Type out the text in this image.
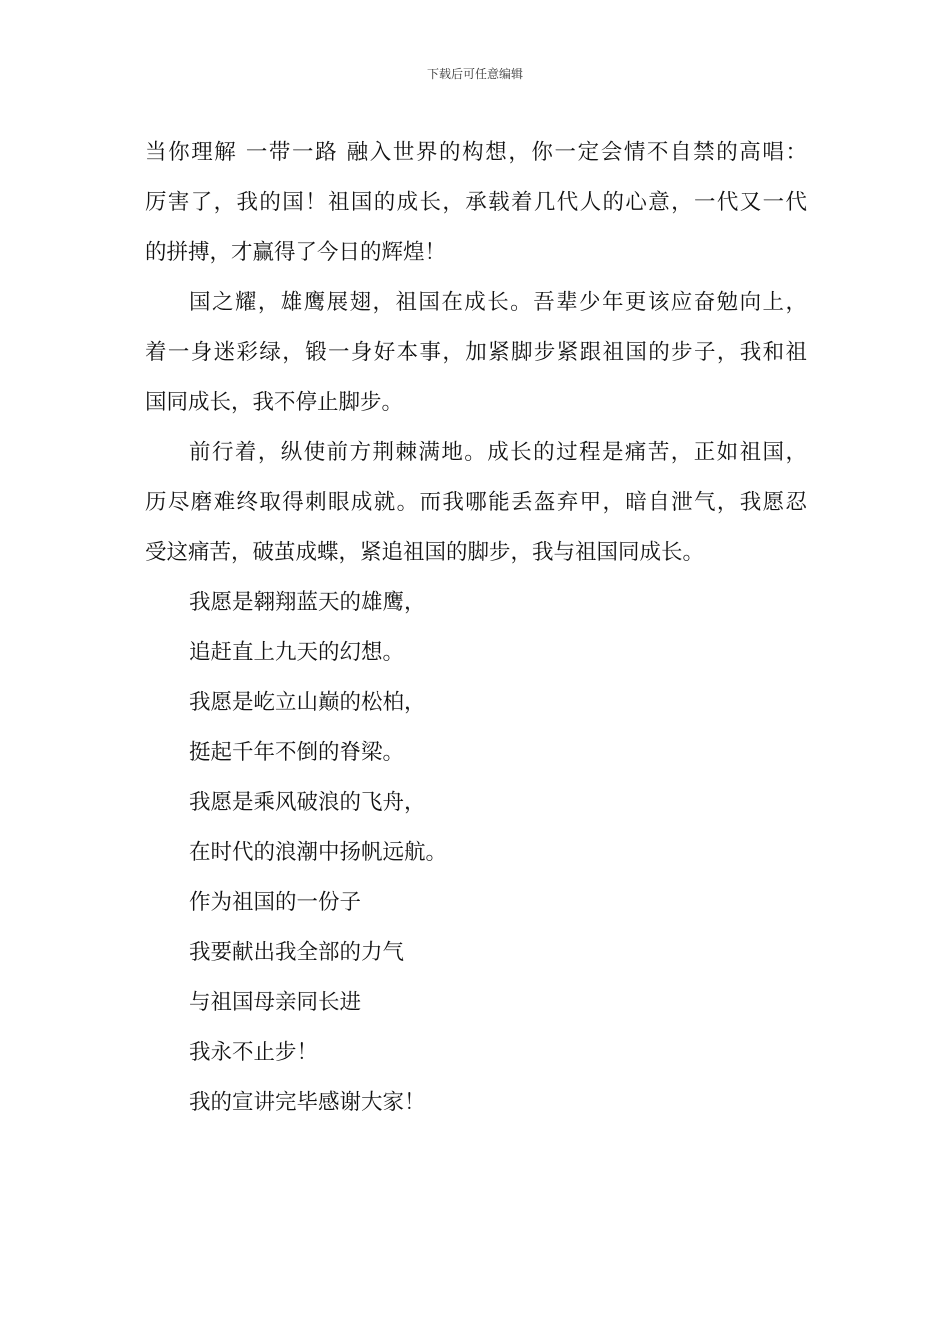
下载后可任意编辑
当你理解 一带一路 融入世界的构想，你一定会情不自禁的高唱：
厉害了，我的国！祖国的成长，承载着几代人的心意，一代又一代
的拼搏，才赢得了今日的辉煌！
国之耀，雄鹰展翅，祖国在成长。吾辈少年更该应奋勉向上，
着一身迷彩绿，锻一身好本事，加紧脚步紧跟祖国的步子，我和祖
国同成长，我不停止脚步。
前行着，纵使前方荆棘满地。成长的过程是痛苦，正如祖国，
历尽磨难终取得刺眼成就。而我哪能丢盔弃甲，暗自泄气，我愿忍
受这痛苦，破茧成蝶，紧追祖国的脚步，我与祖国同成长。
我愿是翱翔蓝天的雄鹰，
追赶直上九天的幻想。
我愿是屹立山巅的松柏，
挺起千年不倒的脊梁。
我愿是乘风破浪的飞舟，
在时代的浪潮中扬帆远航。
作为祖国的一份子
我要献出我全部的力气
与祖国母亲同长进
我永不止步！
我的宣讲完毕感谢大家！
